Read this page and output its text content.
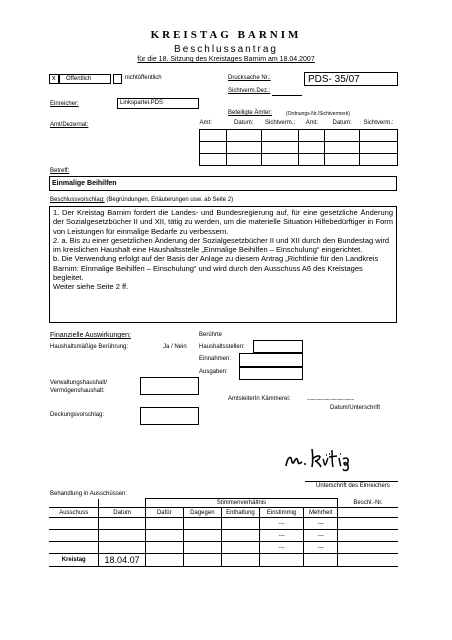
KREISTAG BARNIM
Beschlussantrag
für die 18. Sitzung des Kreistages Barnim am 18.04.2007
x Öffentlich	nichtöffentlich	Drucksache Nr.:	PDS- 35/07
Sichtverm.Dez.:
Einreicher:	Linkspartei.PDS
Beteiligte Ämter:	(Ordnungs-Nr./Sichtvermerk)
Amt/Dezernat:	Amt:	Datum:	Sichtverm.:	Amt:	Datum:	Sichtverm.:

Betreff:
Einmalige Beihilfen
Beschlussvorschlag: (Begründungen, Erläuterungen usw. ab Seite 2)

1. Der Kreistag Barnim fordert die Landes- und Bundesregierung auf, für eine gesetzliche Änderung der Sozialgesetzbücher II und XII, tätig zu werden, um die materielle Situation Hilfebedürftiger in Form von Leistungen für einmalige Bedarfe zu verbessern.

2. a. Bis zu einer gesetzlichen Änderung der Sozialgesetzbücher II und XII durch den Bundestag wird im kreislichen Haushalt eine Haushaltsstelle „Einmalige Beihilfen – Einschulung“ eingerichtet.

b. Die Verwendung erfolgt auf der Basis der Anlage zu diesem Antrag „Richtlinie für den Landkreis Barnim: Einmalige Beihilfen – Einschulung“ und wird durch den Ausschuss A6 des Kreistages begleitet.

Weiter siehe Seite 2 ff.

Finanzielle Auswirkungen:
Haushaltsmäßige Berührung:	Ja / Nein
Berührte
Haushaltsstellen:
Einnahmen:
Ausgaben:
Verwaltungshaushalt/
Vermögenshaushalt:
AmtsleiterIn Kämmerei:	........................................
Datum/Unterschrift
Deckungsvorschlag:
Unterschrift des Einreichers
Behandlung in Ausschüssen:
		Stimmenverhältnis					Beschl.-Nr.
Ausschuss	Datum	Dafür	Dagegen	Enthaltung	Einstimmig	Mehrheit	
					---	---	
					---	---	
					---	---	
Kreistag	18.04.07						
